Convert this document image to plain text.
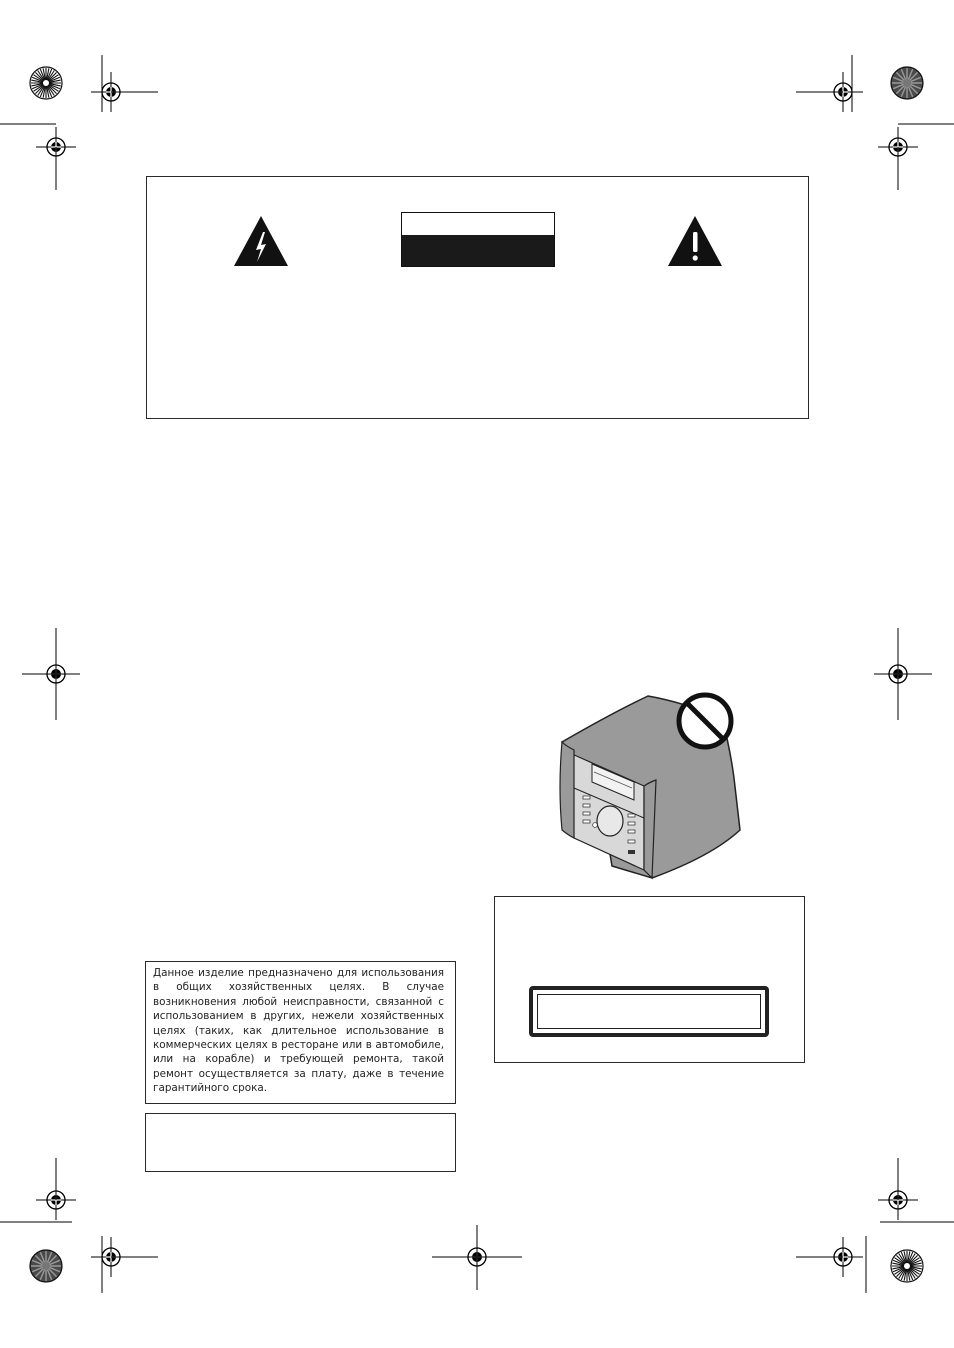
Данное изделие предназначено для использования в общих хозяйственных целях. В случае возникновения любой неисправности, связанной с использованием в других, нежели хозяйственных целях (таких, как длительное использование в коммерческих целях в ресторане или в автомобиле, или на корабле) и требующей ремонта, такой ремонт осуществляется за плату, даже в течение гарантийного срока.
